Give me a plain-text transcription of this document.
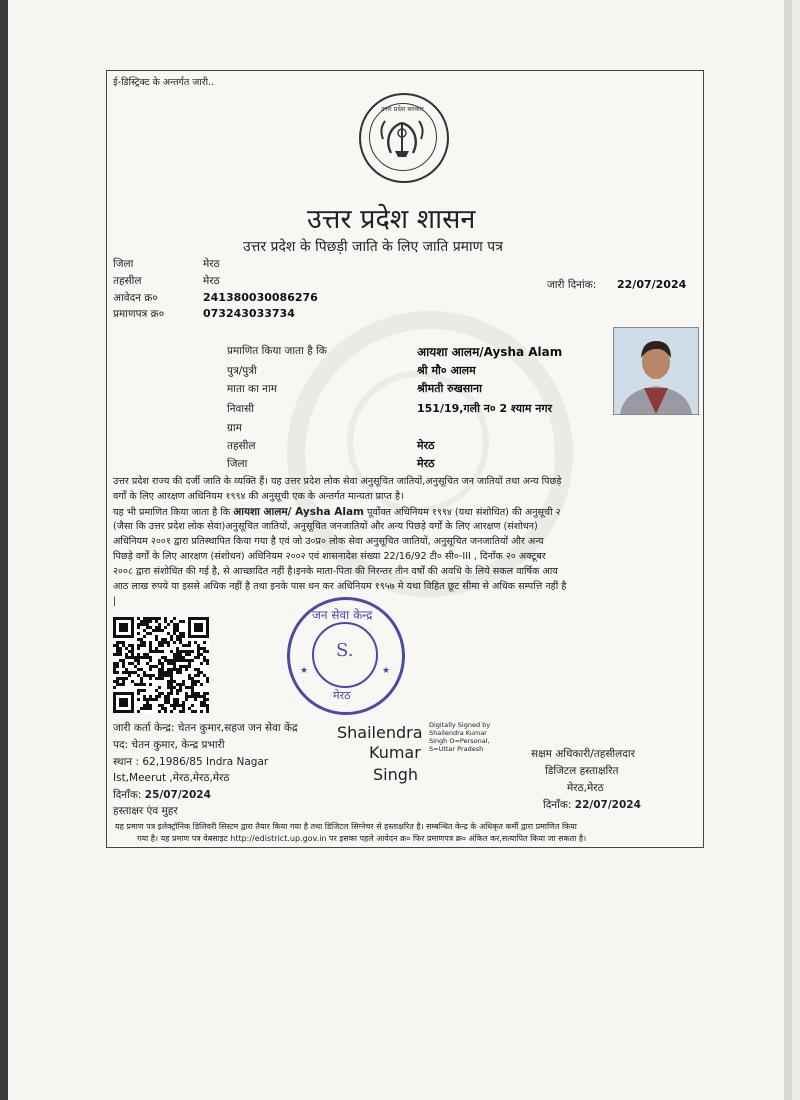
ई-डिस्ट्रिक्ट के अन्तर्गत जारी..
उत्तर प्रदेश सरकार
उत्तर प्रदेश शासन
उत्तर प्रदेश के पिछड़ी जाति के लिए जाति प्रमाण पत्र
जिला	मेरठ
तहसील	मेरठ
आवेदन क्र०	241380030086276
प्रमाणपत्र क्र०	073243033734
जारी दिनांक: 22/07/2024
प्रमाणित किया जाता है कि	आयशा आलम/Aysha Alam
पुत्र/पुत्री	श्री मौ० आलम
माता का नाम	श्रीमती रुखसाना
निवासी	151/19,गली न० 2 श्याम नगर
ग्राम
तहसील	मेरठ
जिला	मेरठ
उत्तर प्रदेश राज्य की दर्जी जाति के व्यक्ति हैं। यह उत्तर प्रदेश लोक सेवा अनुसूचित जातियों,अनुसूचित जन जातियों तथा अन्य पिछड़े
वर्गों के लिए आरक्षण अधिनियम १९९४ की अनुसूची एक के अन्तर्गत मान्यता प्राप्त है।
यह भी प्रमाणित किया जाता है कि आयशा आलम/ Aysha Alam पूर्वोक्त अधिनियम १९९४ (यथा संशोधित) की अनुसूची २
(जैसा कि उत्तर प्रदेश लोक सेवा)अनुसूचित जातियों, अनुसूचित जनजातियों और अन्य पिछड़े वर्गों के लिए आरक्षण (संशोधन)
अधिनियम २००१ द्वारा प्रतिस्थापित किया गया है एवं जो उ०प्र० लोक सेवा अनुसूचित जातियों, अनुसूचित जनजातियों और अन्य
पिछड़े वर्गों के लिए आरक्षण (संशोधन) अधिनियम २००२ एवं शासनादेश संख्या 22/16/92 टी० सी०-III , दिनाँक २० अक्टूबर
२००८ द्वारा संशोधित की गई है, से आच्छादित नहीं है।इनके माता-पिता की निरन्तर तीन वर्षों की अवधि के लिये सकल वार्षिक आय
आठ लाख रुपये या इससे अधिक नहीं है तथा इनके पास धन कर अधिनियम १९५७ मे यथा विहित छूट सीमा से अधिक सम्पत्ति नहीं है
|
जन सेवा केन्द्र
मेरठ
S.
★	★
जारी कर्ता केन्द्र: चेतन कुमार,सहज जन सेवा केंद्र
पद: चेतन कुमार, केन्द्र प्रभारी
स्थान : 62,1986/85 Indra Nagar
Ist,Meerut ,मेरठ,मेरठ,मेरठ
दिनाँक: 25/07/2024
हस्ताक्षर एंव मुहर
Shailendra
Kumar
Singh
Digitally Signed by
Shailendra Kumar
Singh O=Personal,
S=Uttar Pradesh	सक्षम अधिकारी/तहसीलदार
डिजिटल हस्ताक्षरित
मेरठ,मेरठ
दिनाँक: 22/07/2024
यह प्रमाण पत्र इलेक्ट्रॉनिक डिलिवरी सिस्टम द्वारा तैयार किया गया है तथा डिजिटल सिग्नेचर से हस्ताक्षरित है। सम्बन्धित केन्द्र के अधिकृत कर्मी द्वारा प्रमाणित किया
गया है। यह प्रमाण पत्र वेबसाइट http://edistrict.up.gov.in पर इसका पहले आवेदन क्र० फिर प्रमाणपत्र क्र० अंकित कर,सत्यापित किया जा सकता है।
